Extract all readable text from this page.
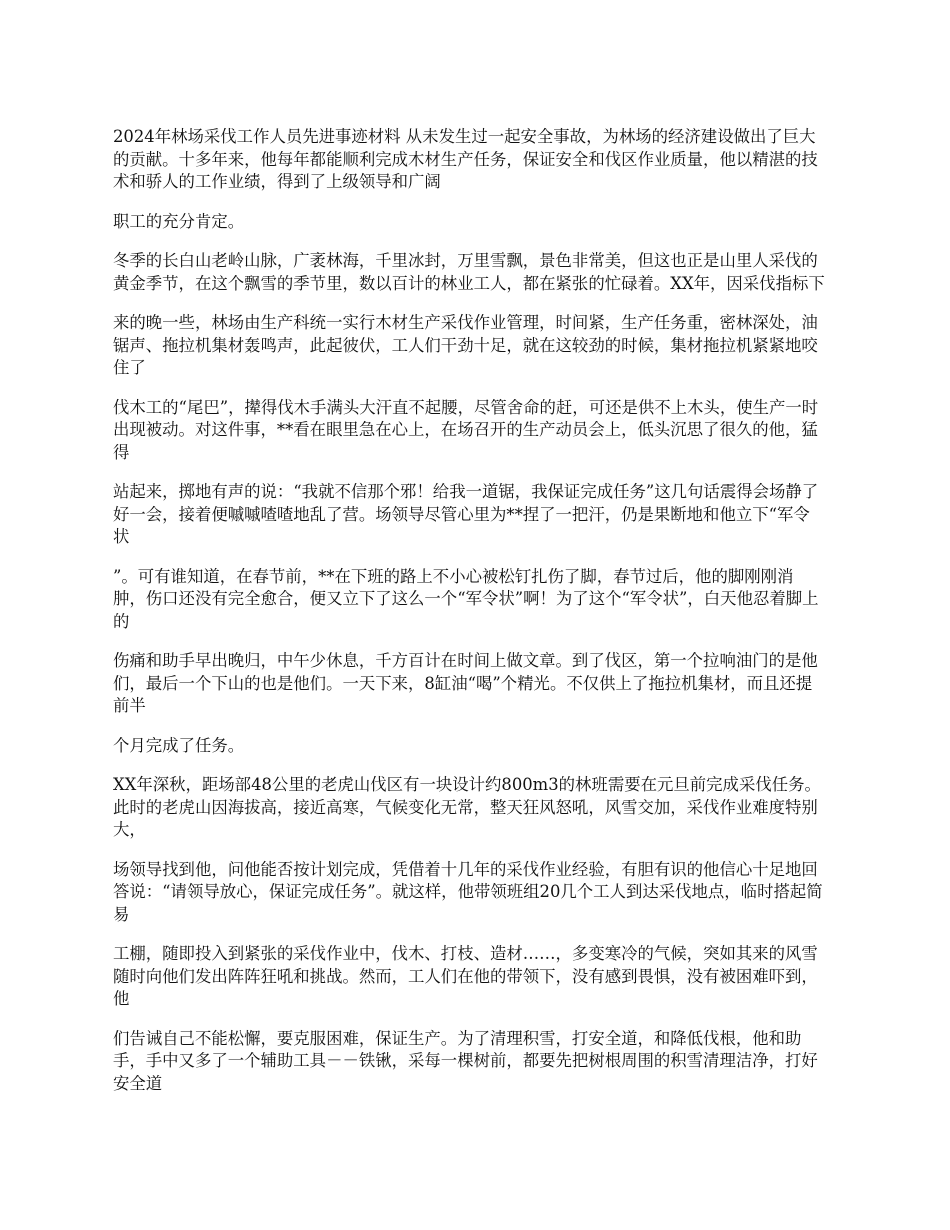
2024年林场采伐工作人员先进事迹材料 从未发生过一起安全事故，为林场的经济建设做出了巨大的贡献。十多年来，他每年都能顺利完成木材生产任务，保证安全和伐区作业质量，他以精湛的技术和骄人的工作业绩，得到了上级领导和广阔

职工的充分肯定。

冬季的长白山老岭山脉，广袤林海，千里冰封，万里雪飘，景色非常美，但这也正是山里人采伐的黄金季节，在这个飘雪的季节里，数以百计的林业工人，都在紧张的忙碌着。XX年，因采伐指标下

来的晚一些，林场由生产科统一实行木材生产采伐作业管理，时间紧，生产任务重，密林深处，油锯声、拖拉机集材轰鸣声，此起彼伏，工人们干劲十足，就在这较劲的时候，集材拖拉机紧紧地咬住了

伐木工的“尾巴”，撵得伐木手满头大汗直不起腰，尽管舍命的赶，可还是供不上木头，使生产一时出现被动。对这件事，**看在眼里急在心上，在场召开的生产动员会上，低头沉思了很久的他，猛得

站起来，掷地有声的说：“我就不信那个邪！给我一道锯，我保证完成任务”这几句话震得会场静了好一会，接着便嘁嘁喳喳地乱了营。场领导尽管心里为**捏了一把汗，仍是果断地和他立下“军令状

”。可有谁知道，在春节前，**在下班的路上不小心被松钉扎伤了脚，春节过后，他的脚刚刚消肿，伤口还没有完全愈合，便又立下了这么一个“军令状”啊！为了这个“军令状”，白天他忍着脚上的

伤痛和助手早出晚归，中午少休息，千方百计在时间上做文章。到了伐区，第一个拉响油门的是他们，最后一个下山的也是他们。一天下来，8缸油“喝”个精光。不仅供上了拖拉机集材，而且还提前半

个月完成了任务。

XX年深秋，距场部48公里的老虎山伐区有一块设计约800m3的林班需要在元旦前完成采伐任务。此时的老虎山因海拔高，接近高寒，气候变化无常，整天狂风怒吼，风雪交加，采伐作业难度特别大，

场领导找到他，问他能否按计划完成，凭借着十几年的采伐作业经验，有胆有识的他信心十足地回答说：“请领导放心，保证完成任务”。就这样，他带领班组20几个工人到达采伐地点，临时搭起简易

工棚，随即投入到紧张的采伐作业中，伐木、打枝、造材……，多变寒冷的气候，突如其来的风雪随时向他们发出阵阵狂吼和挑战。然而，工人们在他的带领下，没有感到畏惧，没有被困难吓到，他

们告诫自己不能松懈，要克服困难，保证生产。为了清理积雪，打安全道，和降低伐根，他和助手，手中又多了一个辅助工具－－铁锹，采每一棵树前，都要先把树根周围的积雪清理洁净，打好安全道
